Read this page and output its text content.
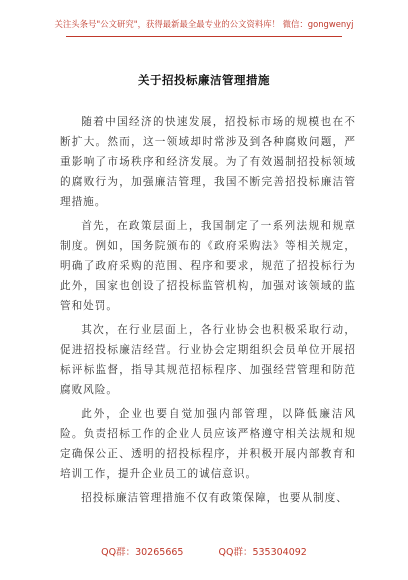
关注头条号"公文研究"，获得最新最全最专业的公文资料库！ 微信：gongwenyj
关于招投标廉洁管理措施

随着中国经济的快速发展，招投标市场的规模也在不断扩大。然而，这一领域却时常涉及到各种腐败问题，严重影响了市场秩序和经济发展。为了有效遏制招投标领域的腐败行为，加强廉洁管理，我国不断完善招投标廉洁管理措施。

首先，在政策层面上，我国制定了一系列法规和规章制度。例如，国务院颁布的《政府采购法》等相关规定，明确了政府采购的范围、程序和要求，规范了招投标行为此外，国家也创设了招投标监管机构，加强对该领域的监管和处罚。

其次，在行业层面上，各行业协会也积极采取行动，促进招投标廉洁经营。行业协会定期组织会员单位开展招标评标监督，指导其规范招标程序、加强经营管理和防范腐败风险。

此外，企业也要自觉加强内部管理，以降低廉洁风险。负责招标工作的企业人员应该严格遵守相关法规和规定确保公正、透明的招投标程序，并积极开展内部教育和培训工作，提升企业员工的诚信意识。

招投标廉洁管理措施不仅有政策保障，也要从制度、

QQ群：30265665	QQ群：535304092
